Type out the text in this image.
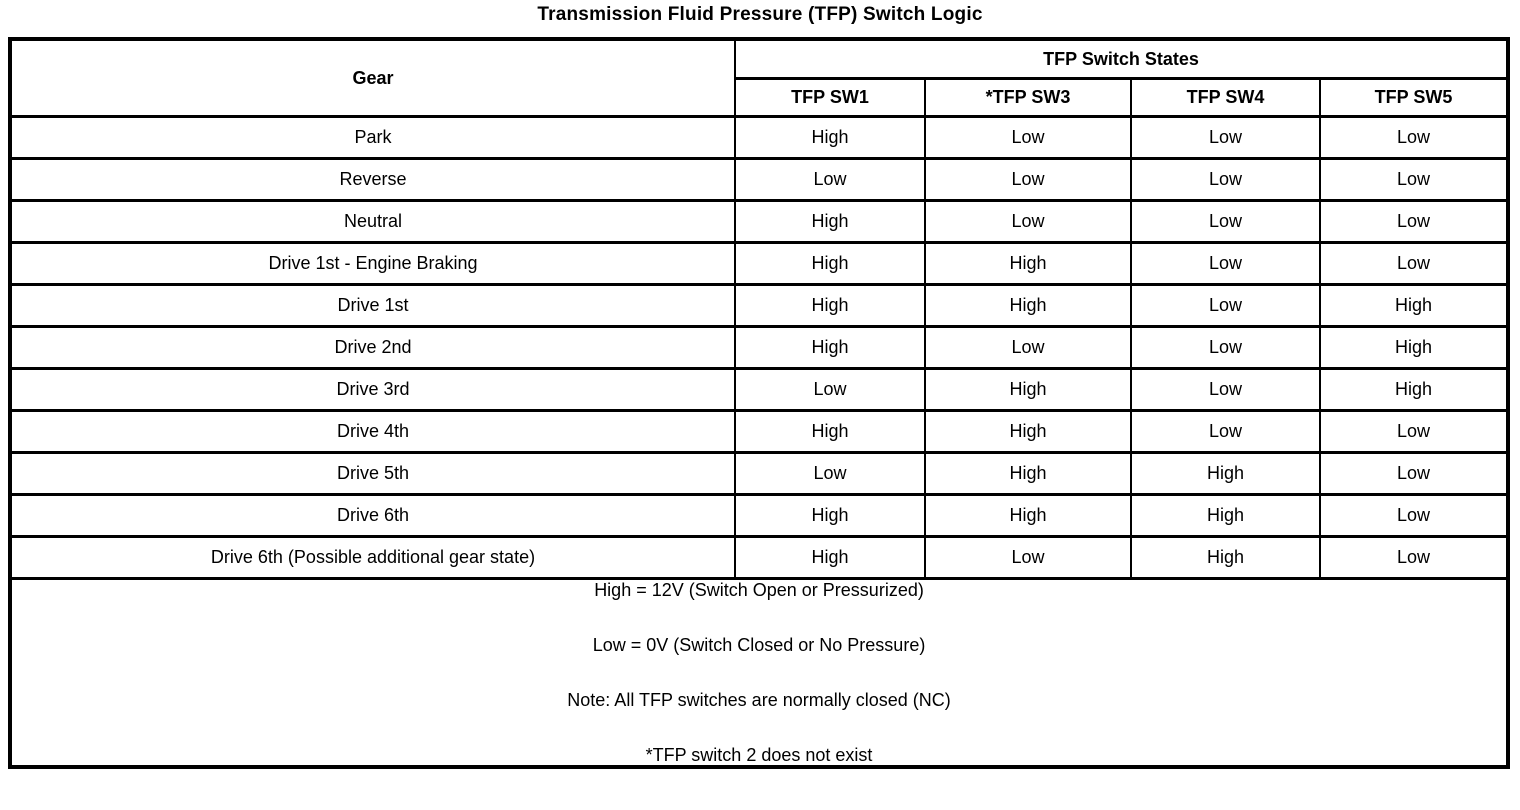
Transmission Fluid Pressure (TFP) Switch Logic
Gear	TFP Switch States			
	TFP SW1	*TFP SW3	TFP SW4	TFP SW5
Park	High	Low	Low	Low
Reverse	Low	Low	Low	Low
Neutral	High	Low	Low	Low
Drive 1st - Engine Braking	High	High	Low	Low
Drive 1st	High	High	Low	High
Drive 2nd	High	Low	Low	High
Drive 3rd	Low	High	Low	High
Drive 4th	High	High	Low	Low
Drive 5th	Low	High	High	Low
Drive 6th	High	High	High	Low
Drive 6th (Possible additional gear state)	High	Low	High	Low

High = 12V (Switch Open or Pressurized)
Low = 0V (Switch Closed or No Pressure)
Note: All TFP switches are normally closed (NC)
*TFP switch 2 does not exist				
